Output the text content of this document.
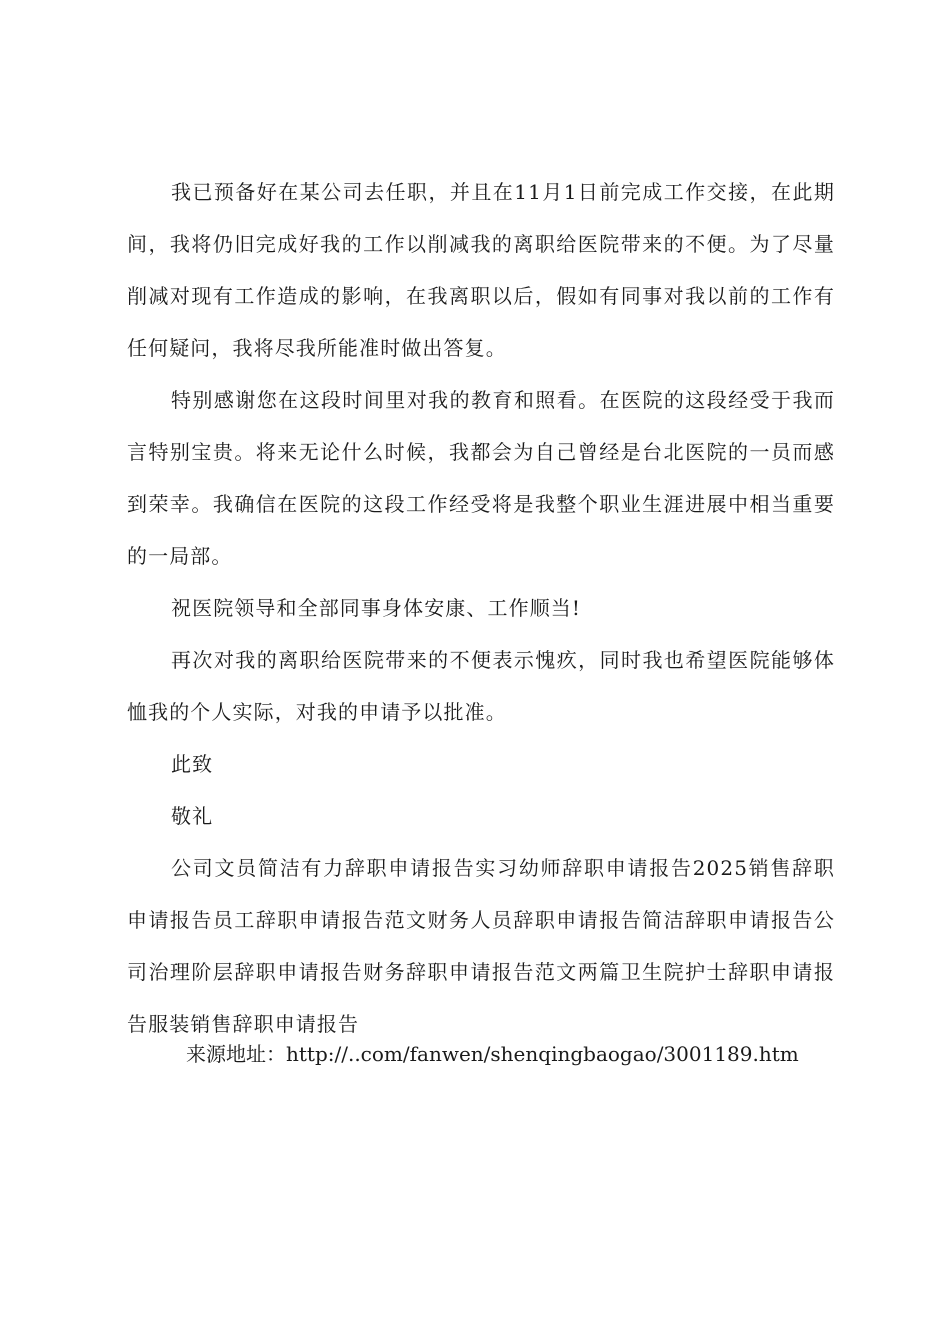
我已预备好在某公司去任职，并且在11月1日前完成工作交接，在此期间，我将仍旧完成好我的工作以削减我的离职给医院带来的不便。为了尽量削减对现有工作造成的影响，在我离职以后，假如有同事对我以前的工作有任何疑问，我将尽我所能准时做出答复。

特别感谢您在这段时间里对我的教育和照看。在医院的这段经受于我而言特别宝贵。将来无论什么时候，我都会为自己曾经是台北医院的一员而感到荣幸。我确信在医院的这段工作经受将是我整个职业生涯进展中相当重要的一局部。

祝医院领导和全部同事身体安康、工作顺当!

再次对我的离职给医院带来的不便表示愧疚，同时我也希望医院能够体恤我的个人实际，对我的申请予以批准。

此致

敬礼

公司文员简洁有力辞职申请报告实习幼师辞职申请报告2025销售辞职申请报告员工辞职申请报告范文财务人员辞职申请报告简洁辞职申请报告公司治理阶层辞职申请报告财务辞职申请报告范文两篇卫生院护士辞职申请报告服装销售辞职申请报告

来源地址：http://..com/fanwen/shenqingbaogao/3001189.htm
